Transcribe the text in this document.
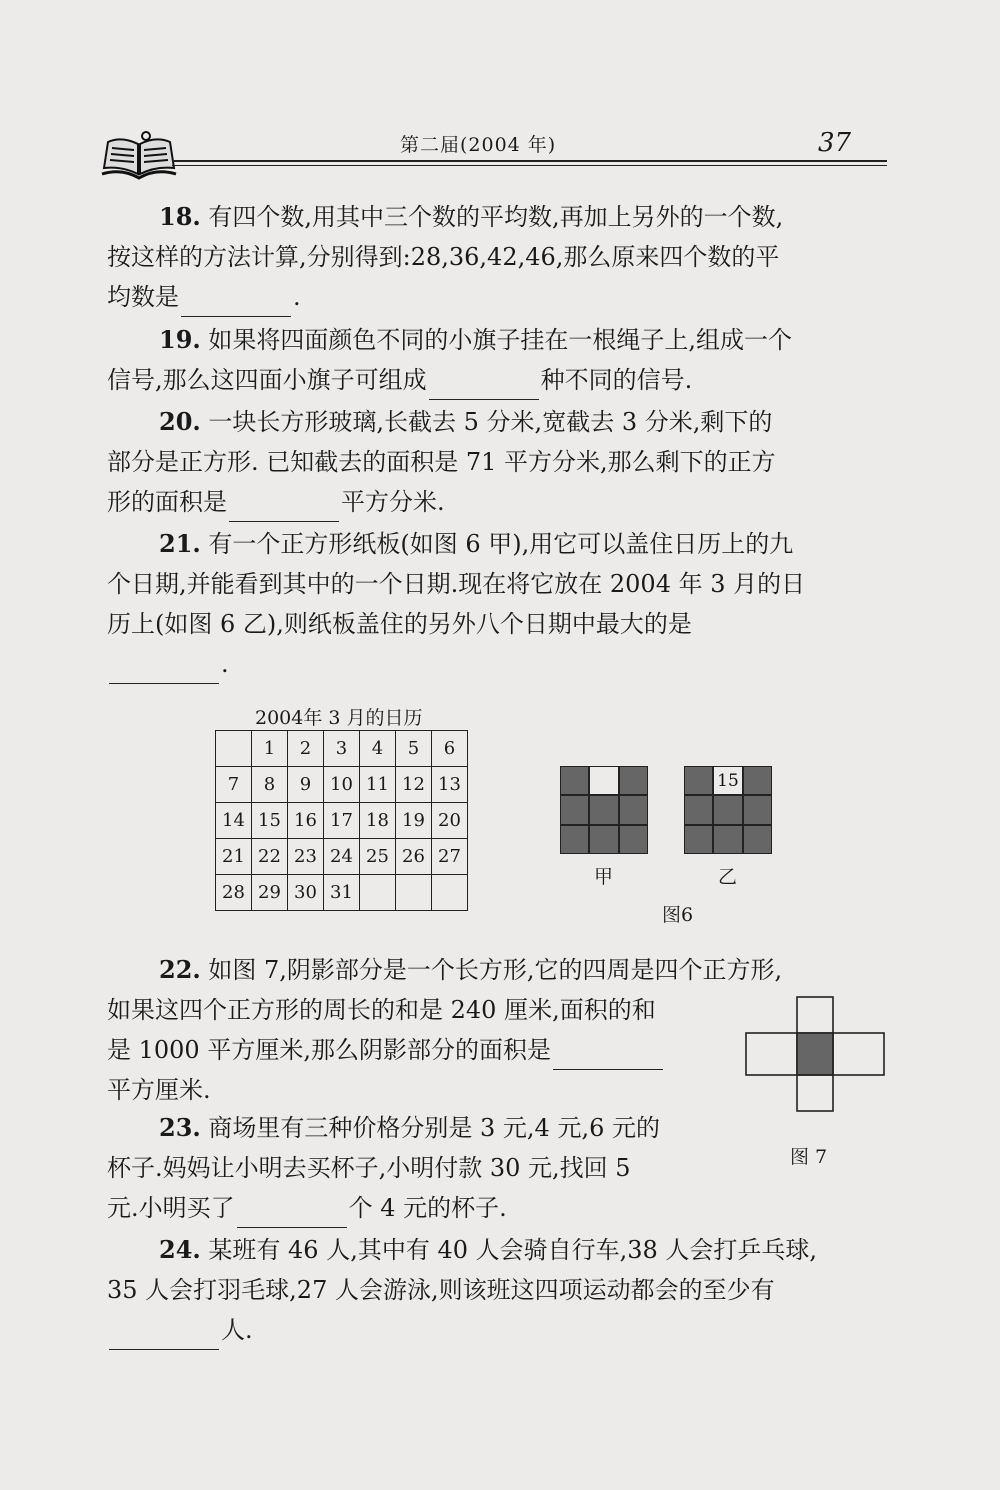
第二届(2004 年)	37
18. 有四个数,用其中三个数的平均数,再加上另外的一个数,
按这样的方法计算,分别得到:28,36,42,46,那么原来四个数的平
均数是	.
19. 如果将四面颜色不同的小旗子挂在一根绳子上,组成一个
信号,那么这四面小旗子可组成	种不同的信号.
20. 一块长方形玻璃,长截去 5 分米,宽截去 3 分米,剩下的
部分是正方形. 已知截去的面积是 71 平方分米,那么剩下的正方
形的面积是	平方分米.
21. 有一个正方形纸板(如图 6 甲),用它可以盖住日历上的九
个日期,并能看到其中的一个日期.现在将它放在 2004 年 3 月的日
历上(如图 6 乙),则纸板盖住的另外八个日期中最大的是
.
2004年 3 月的日历
	1	2	3	4	5	6
7	8	9	10	11	12	13
14	15	16	17	18	19	20
21	22	23	24	25	26	27
28	29	30	31			
甲
15
乙
图6
22. 如图 7,阴影部分是一个长方形,它的四周是四个正方形,
如果这四个正方形的周长的和是 240 厘米,面积的和
是 1000 平方厘米,那么阴影部分的面积是
平方厘米.
图 7
23. 商场里有三种价格分别是 3 元,4 元,6 元的
杯子.妈妈让小明去买杯子,小明付款 30 元,找回 5
元.小明买了	个 4 元的杯子.
24. 某班有 46 人,其中有 40 人会骑自行车,38 人会打乒乓球,
35 人会打羽毛球,27 人会游泳,则该班这四项运动都会的至少有
人.
